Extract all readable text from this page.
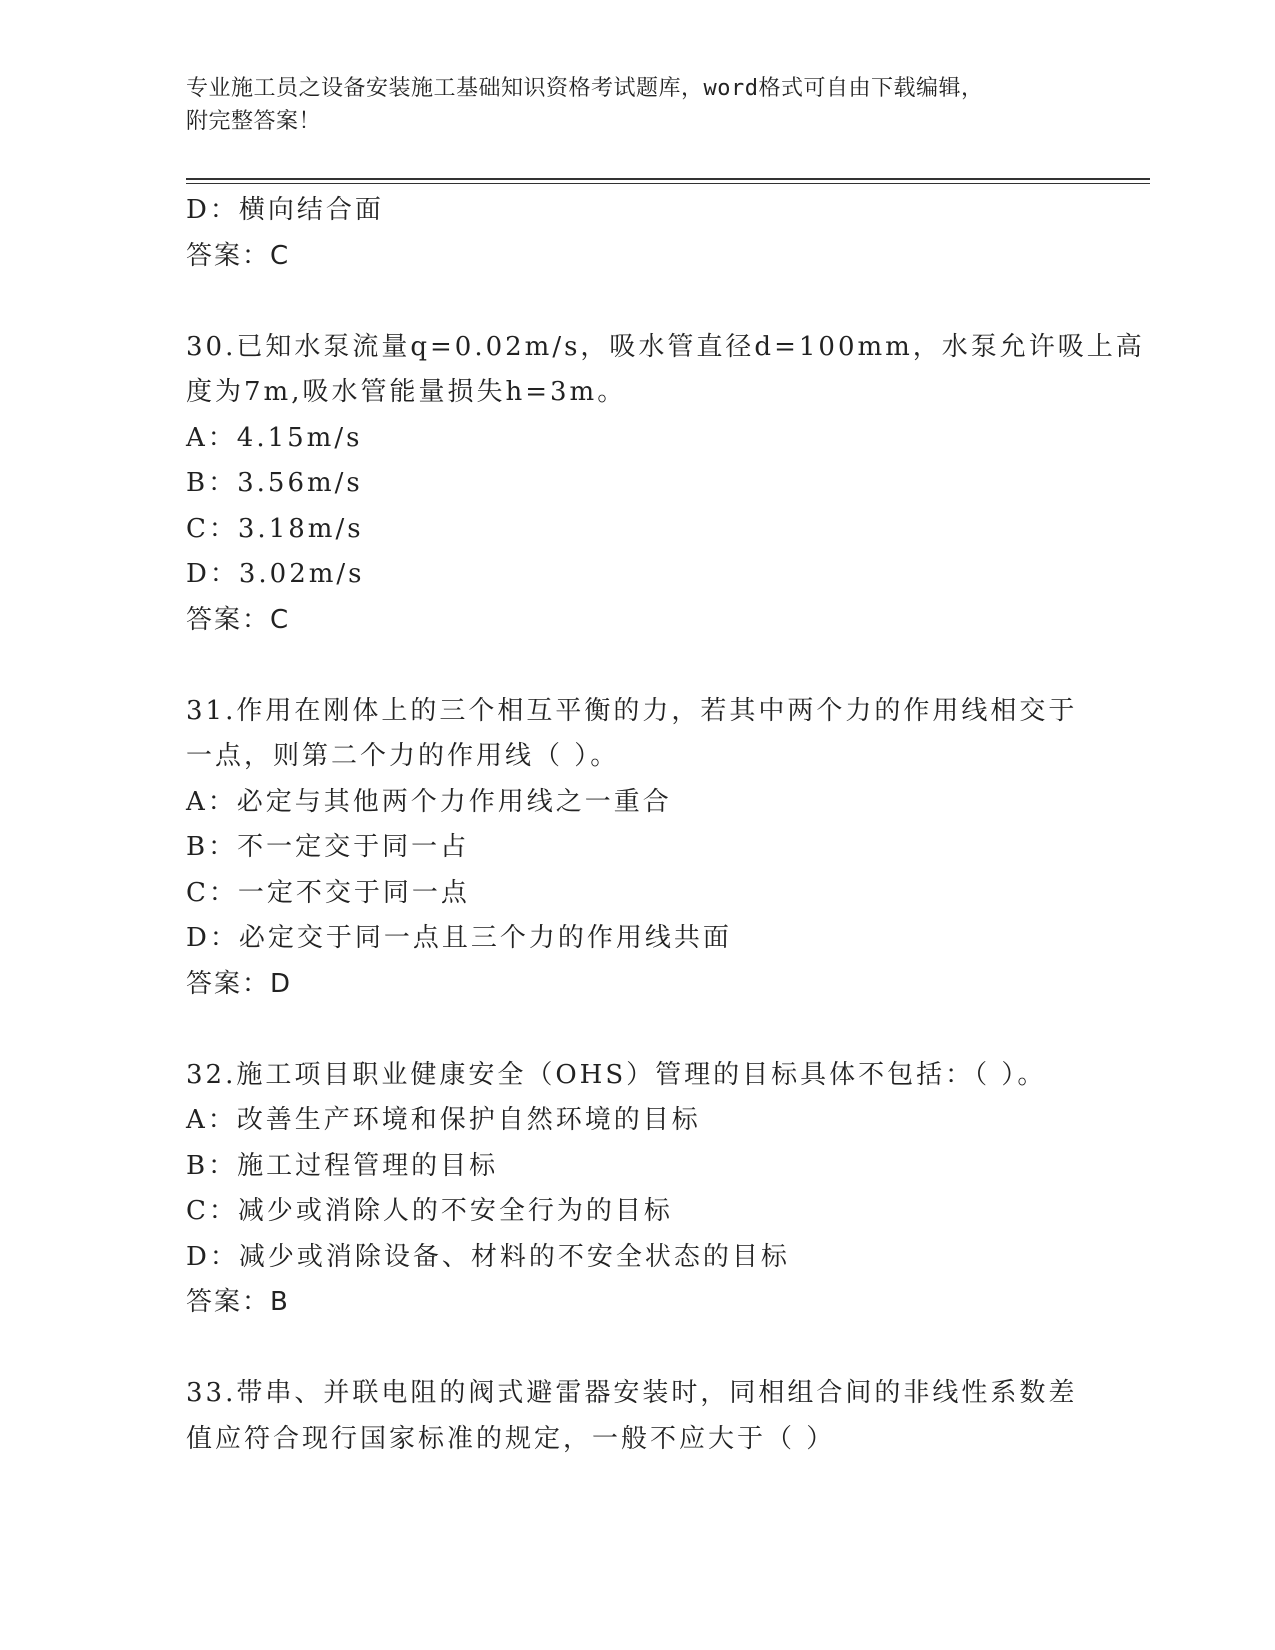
专业施工员之设备安装施工基础知识资格考试题库，word格式可自由下载编辑，
附完整答案！
D：横向结合面
答案：C
30.已知水泵流量q=0.02m/s，吸水管直径d=100mm，水泵允许吸上高
度为7m,吸水管能量损失h=3m。
A：4.15m/s
B：3.56m/s
C：3.18m/s
D：3.02m/s
答案：C
31.作用在刚体上的三个相互平衡的力，若其中两个力的作用线相交于
一点，则第二个力的作用线（ ）。
A：必定与其他两个力作用线之一重合
B：不一定交于同一占
C：一定不交于同一点
D：必定交于同一点且三个力的作用线共面
答案：D
32.施工项目职业健康安全（OHS）管理的目标具体不包括：（ ）。
A：改善生产环境和保护自然环境的目标
B：施工过程管理的目标
C：减少或消除人的不安全行为的目标
D：减少或消除设备、材料的不安全状态的目标
答案：B
33.带串、并联电阻的阀式避雷器安装时，同相组合间的非线性系数差
值应符合现行国家标准的规定，一般不应大于（ ）
